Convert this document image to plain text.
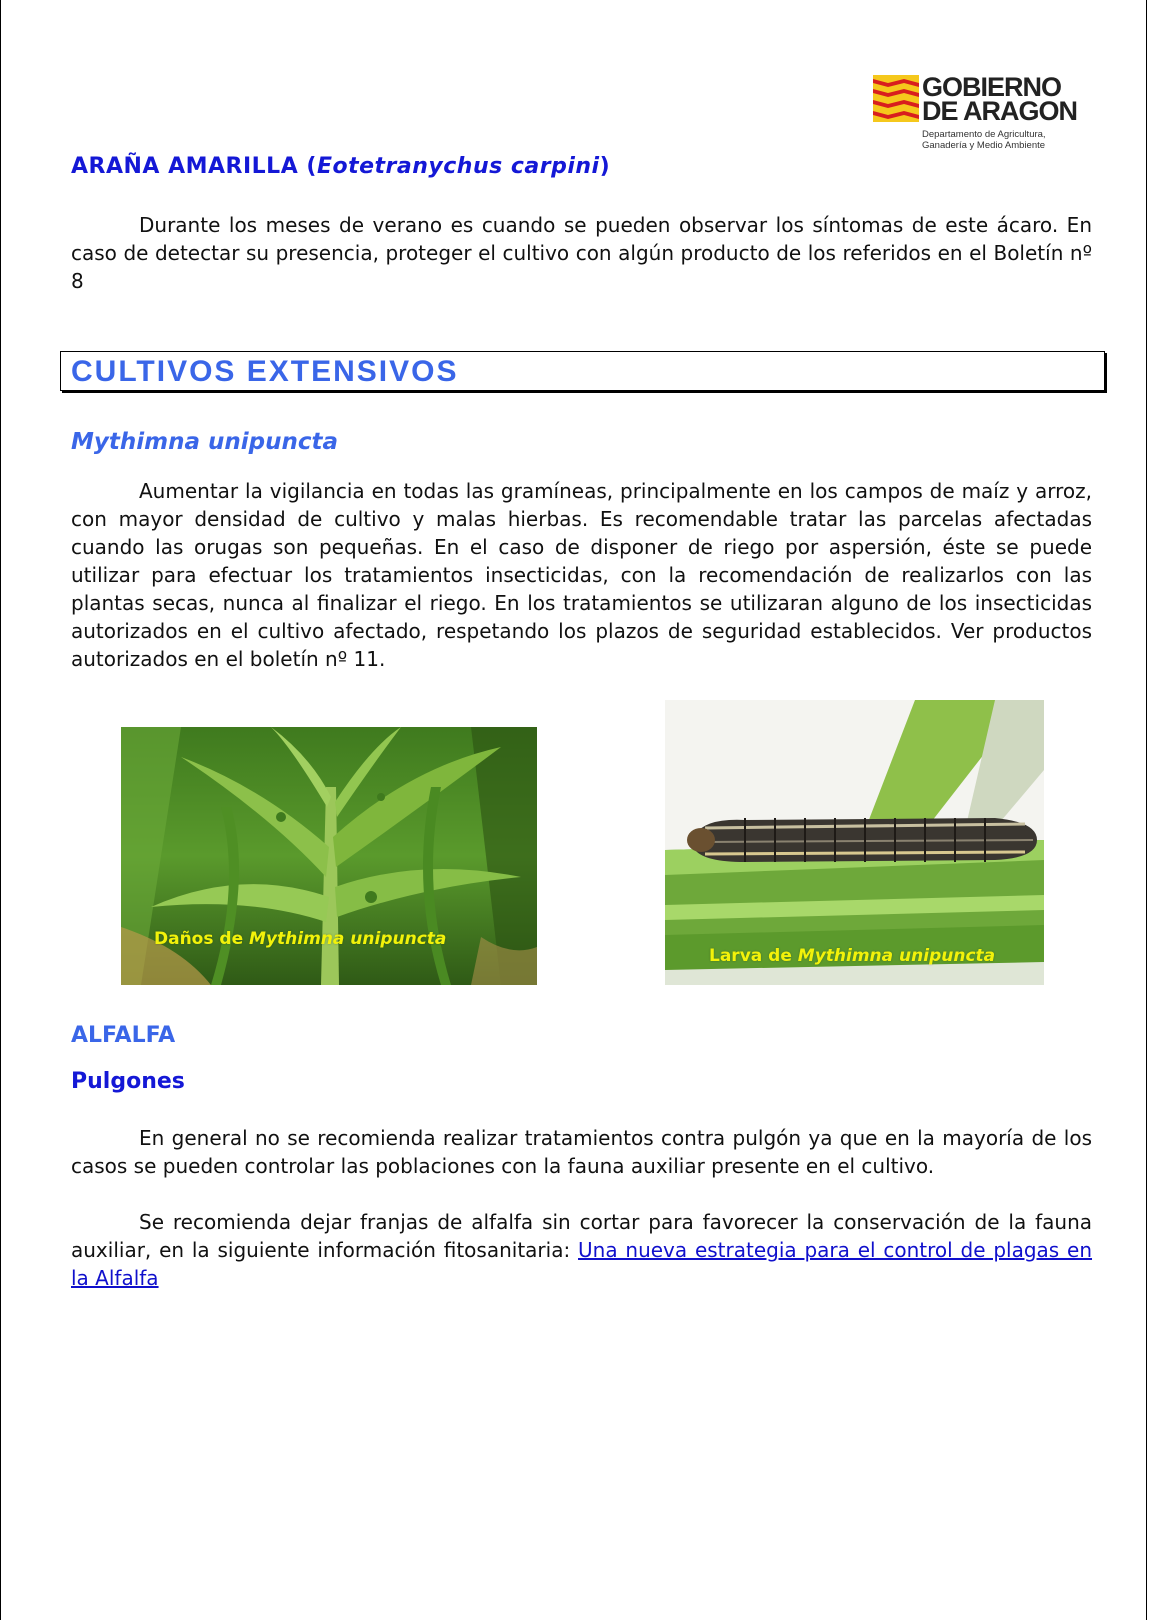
GOBIERNO
DE ARAGON
Departamento de Agricultura,
Ganadería y Medio Ambiente
ARAÑA AMARILLA (Eotetranychus carpini)

Durante los meses de verano es cuando se pueden observar los síntomas de este ácaro. En caso de detectar su presencia, proteger el cultivo con algún producto de los referidos en el Boletín nº 8

CULTIVOS EXTENSIVOS
Mythimna unipuncta

Aumentar la vigilancia en todas las gramíneas, principalmente en los campos de maíz y arroz, con mayor densidad de cultivo y malas hierbas. Es recomendable tratar las parcelas afectadas cuando las orugas son pequeñas. En el caso de disponer de riego por aspersión, éste se puede utilizar para efectuar los tratamientos insecticidas, con la recomendación de realizarlos con las plantas secas, nunca al finalizar el riego. En los tratamientos se utilizaran alguno de los insecticidas autorizados en el cultivo afectado, respetando los plazos de seguridad establecidos. Ver productos autorizados en el boletín nº 11.

Daños de Mythimna unipuncta
Larva de Mythimna unipuncta
ALFALFA
Pulgones

En general no se recomienda realizar tratamientos contra pulgón ya que en la mayoría de los casos se pueden controlar las poblaciones con la fauna auxiliar presente en el cultivo.

Se recomienda dejar franjas de alfalfa sin cortar para favorecer la conservación de la fauna auxiliar, en la siguiente información fitosanitaria: Una nueva estrategia para el control de plagas en la Alfalfa
